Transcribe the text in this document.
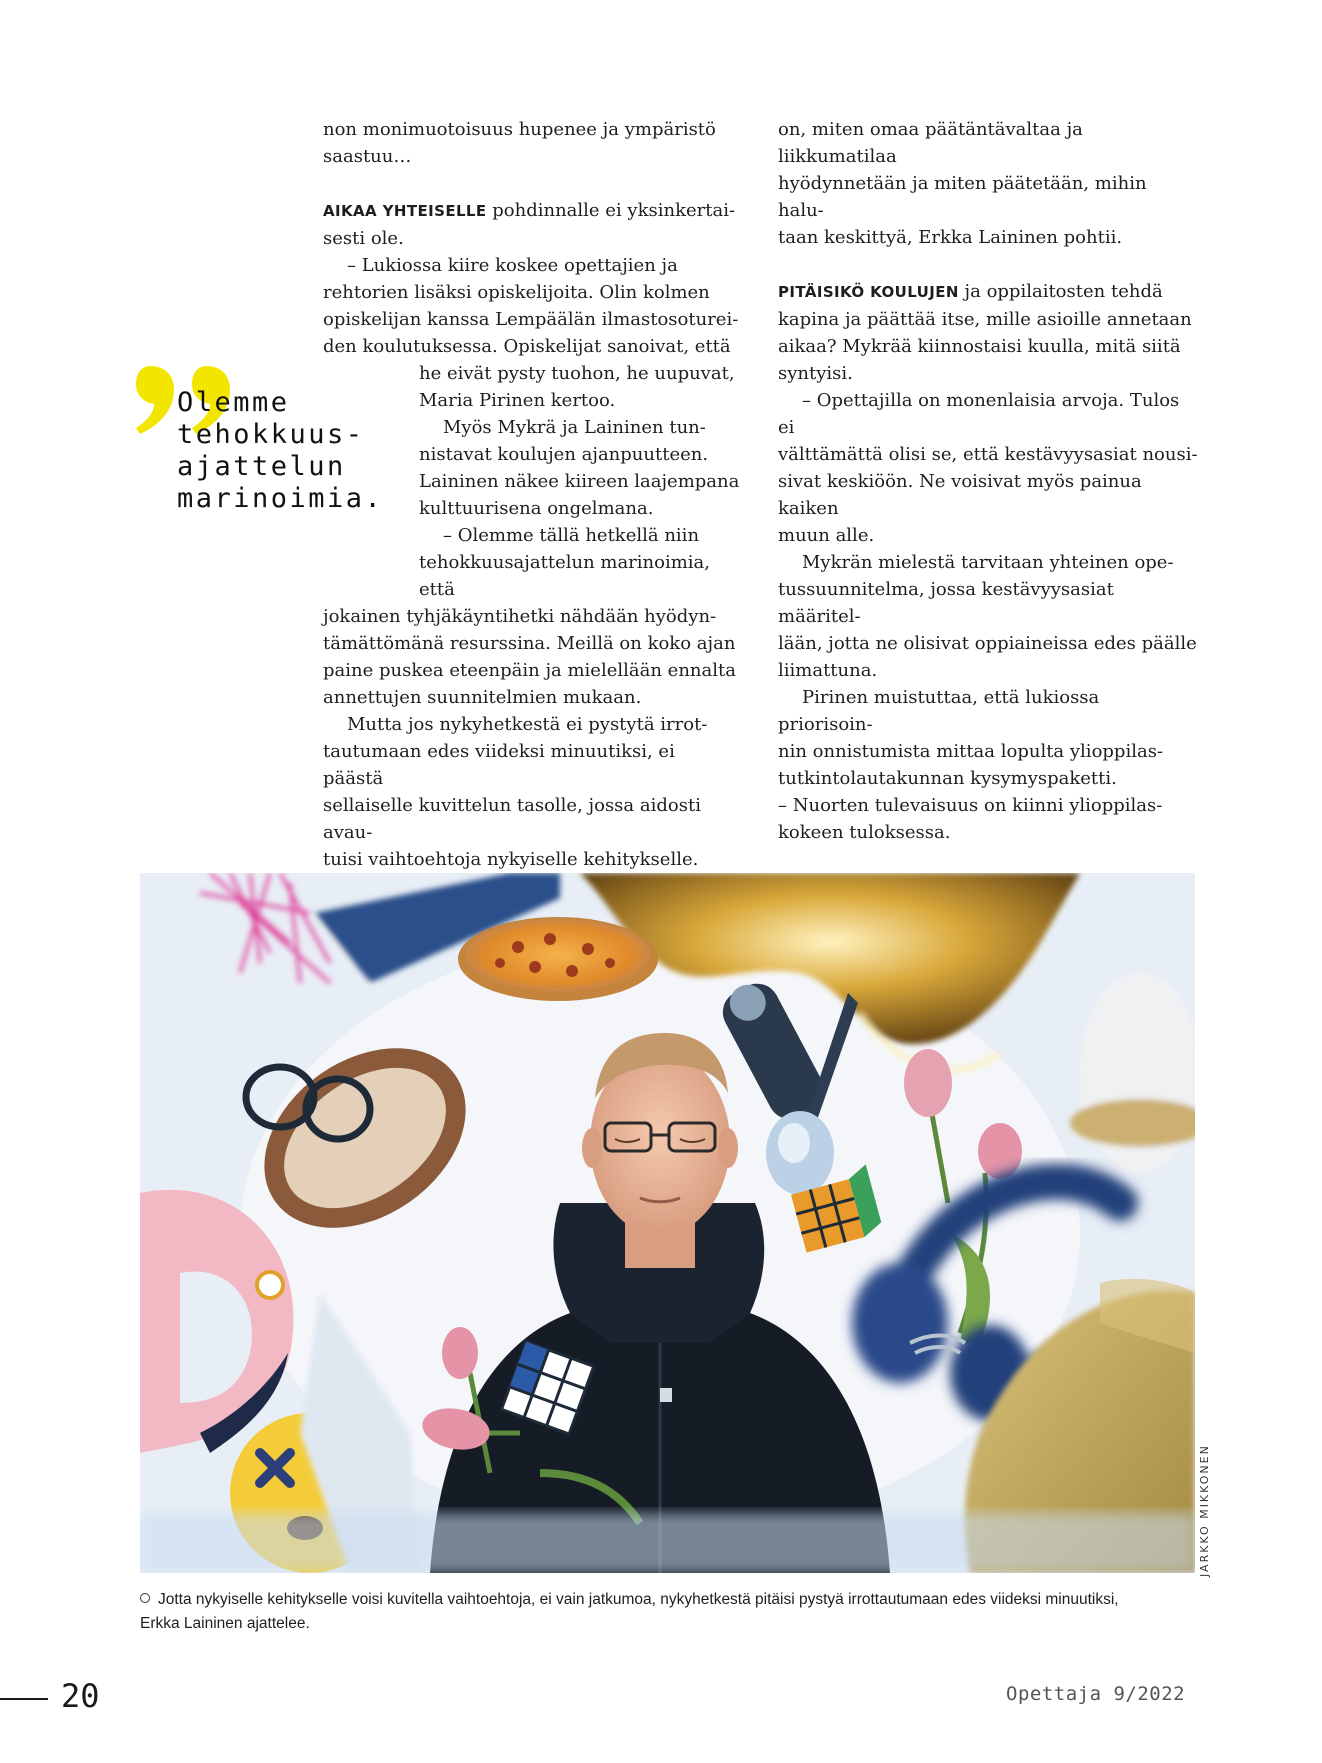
non monimuotoisuus hupenee ja ympäristö

saastuu…

AIKAA YHTEISELLE pohdinnalle ei yksinkertai-

sesti ole.

– Lukiossa kiire koskee opettajien ja

rehtorien lisäksi opiskelijoita. Olin kolmen

opiskelijan kanssa Lempäälän ilmastosoturei-

den koulutuksessa. Opiskelijat sanoivat, että

he eivät pysty tuohon, he uupuvat,

Maria Pirinen kertoo.

Myös Mykrä ja Laininen tun-

nistavat koulujen ajanpuutteen.

Laininen näkee kiireen laajempana

kulttuurisena ongelmana.

– Olemme tällä hetkellä niin

tehokkuusajattelun marinoimia, että

jokainen tyhjäkäyntihetki nähdään hyödyn-

tämättömänä resurssina. Meillä on koko ajan

paine puskea eteenpäin ja mielellään ennalta

annettujen suunnitelmien mukaan.

Mutta jos nykyhetkestä ei pystytä irrot-

tautumaan edes viideksi minuutiksi, ei päästä

sellaiselle kuvittelun tasolle, jossa aidosti avau-

tuisi vaihtoehtoja nykyiselle kehitykselle.

on, miten omaa päätäntävaltaa ja liikkumatilaa

hyödynnetään ja miten päätetään, mihin halu-

taan keskittyä, Erkka Laininen pohtii.

PITÄISIKÖ KOULUJEN ja oppilaitosten tehdä

kapina ja päättää itse, mille asioille annetaan

aikaa? Mykrää kiinnostaisi kuulla, mitä siitä

syntyisi.

– Opettajilla on monenlaisia arvoja. Tulos ei

välttämättä olisi se, että kestävyysasiat nousi-

sivat keskiöön. Ne voisivat myös painua kaiken

muun alle.

Mykrän mielestä tarvitaan yhteinen ope-

tussuunnitelma, jossa kestävyysasiat määritel-

lään, jotta ne olisivat oppiaineissa edes päälle

liimattuna.

Pirinen muistuttaa, että lukiossa priorisoin-

nin onnistumista mittaa lopulta ylioppilas-

tutkintolautakunnan kysymyspaketti.

– Nuorten tulevaisuus on kiinni ylioppilas-

kokeen tuloksessa.

Olemme
tehokkuus-
ajattelun
marinoimia.
JARKKO MIKKONEN
Jotta nykyiselle kehitykselle voisi kuvitella vaihtoehtoja, ei vain jatkumoa, nykyhetkestä pitäisi pystyä irrottautumaan edes viideksi minuutiksi, Erkka Laininen ajattelee.
20	Opettaja 9/2022
